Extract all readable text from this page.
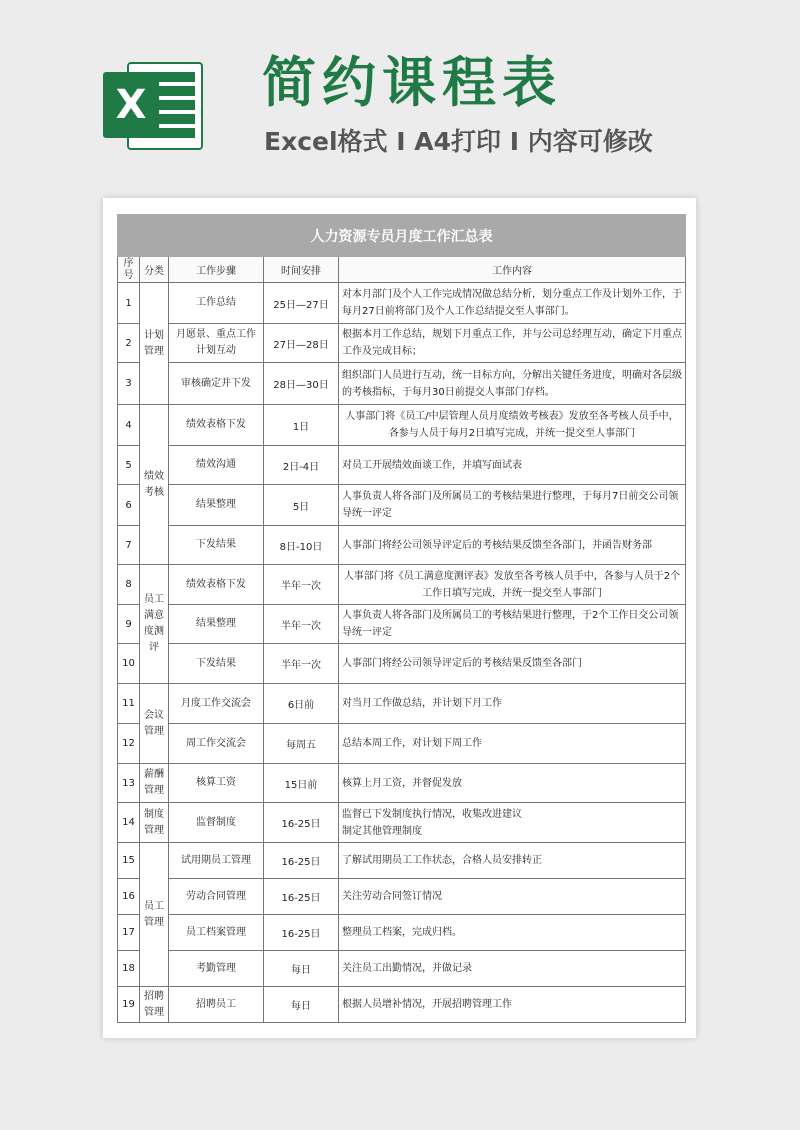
X 简约课程表
Excel格式 I A4打印 I 内容可修改
人力资源专员月度工作汇总表				
序号	分类	工作步骤	时间安排	工作内容
1	计划管理	工作总结	25日—27日	对本月部门及个人工作完成情况做总结分析，划分重点工作及计划外工作，于每月27日前将部门及个人工作总结提交至人事部门。
2		月愿景、重点工作计划互动	27日—28日	根据本月工作总结，规划下月重点工作，并与公司总经理互动，确定下月重点工作及完成目标；
3		审核确定并下发	28日—30日	组织部门人员进行互动，统一目标方向，分解出关键任务进度，明确对各层级的考核指标，于每月30日前提交人事部门存档。
4	绩效考核	绩效表格下发	1日	人事部门将《员工/中层管理人员月度绩效考核表》发放至各考核人员手中，各参与人员于每月2日填写完成，并统一提交至人事部门
5		绩效沟通	2日-4日	对员工开展绩效面谈工作，并填写面试表
6		结果整理	5日	人事负责人将各部门及所属员工的考核结果进行整理，于每月7日前交公司领导统一评定
7		下发结果	8日-10日	人事部门将经公司领导评定后的考核结果反馈至各部门，并函告财务部
8	员工满意度测评	绩效表格下发	半年一次	人事部门将《员工满意度测评表》发放至各考核人员手中，各参与人员于2个工作日填写完成，并统一提交至人事部门
9		结果整理	半年一次	人事负责人将各部门及所属员工的考核结果进行整理，于2个工作日交公司领导统一评定
10		下发结果	半年一次	人事部门将经公司领导评定后的考核结果反馈至各部门
11	会议管理	月度工作交流会	6日前	对当月工作做总结，并计划下月工作
12		周工作交流会	每周五	总结本周工作，对计划下周工作
13	薪酬管理	核算工资	15日前	核算上月工资，并督促发放
14	制度管理	监督制度	16-25日	监督已下发制度执行情况，收集改进建议
制定其他管理制度
15	员工管理	试用期员工管理	16-25日	了解试用期员工工作状态，合格人员安排转正
16		劳动合同管理	16-25日	关注劳动合同签订情况
17		员工档案管理	16-25日	整理员工档案，完成归档。
18		考勤管理	每日	关注员工出勤情况，并做记录
19	招聘管理	招聘员工	每日	根据人员增补情况，开展招聘管理工作
